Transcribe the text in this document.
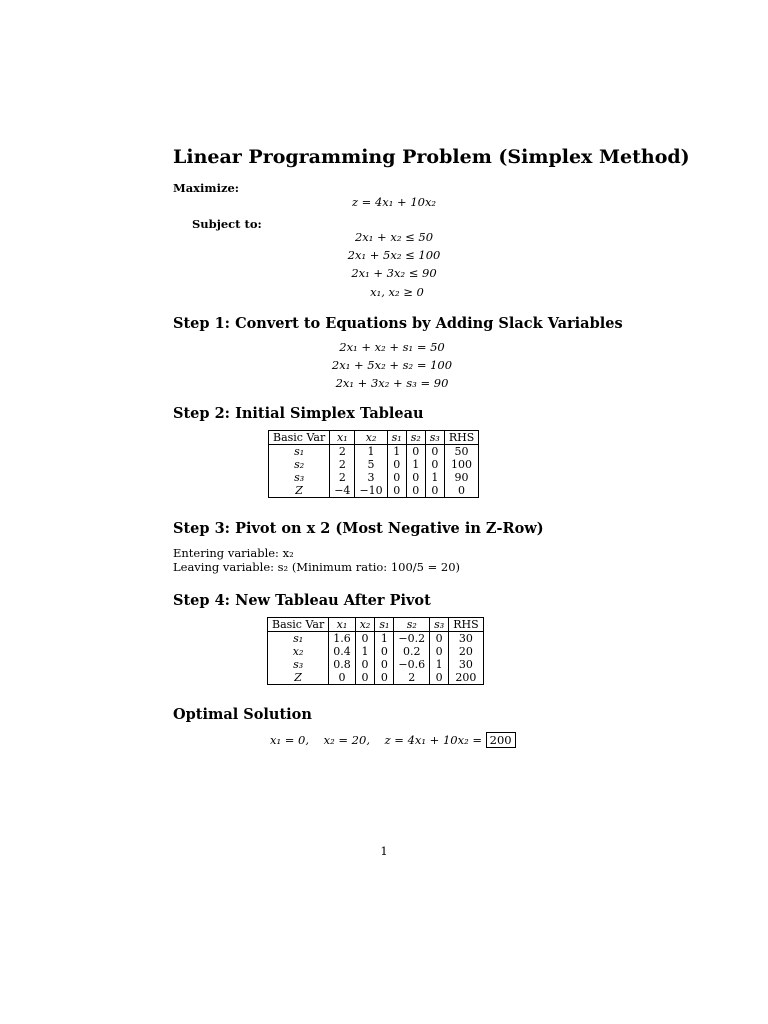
Linear Programming Problem (Simplex Method)
Maximize:
z = 4x₁ + 10x₂
Subject to:
2x₁ + x₂ ≤ 50
2x₁ + 5x₂ ≤ 100
2x₁ + 3x₂ ≤ 90
x₁, x₂ ≥ 0
Step 1: Convert to Equations by Adding Slack Variables
2x₁ + x₂ + s₁ = 50
2x₁ + 5x₂ + s₂ = 100
2x₁ + 3x₂ + s₃ = 90
Step 2: Initial Simplex Tableau
Basic Var	x₁	x₂	s₁	s₂	s₃	RHS
s₁	2	1	1	0	0	50
s₂	2	5	0	1	0	100
s₃	2	3	0	0	1	90
Z	−4	−10	0	0	0	0
Step 3: Pivot on x 2 (Most Negative in Z-Row)
Entering variable: x₂
Leaving variable: s₂ (Minimum ratio: 100/5 = 20)
Step 4: New Tableau After Pivot
Basic Var	x₁	x₂	s₁	s₂	s₃	RHS
s₁	1.6	0	1	−0.2	0	30
x₂	0.4	1	0	0.2	0	20
s₃	0.8	0	0	−0.6	1	30
Z	0	0	0	2	0	200
Optimal Solution
x₁ = 0,    x₂ = 20,    z = 4x₁ + 10x₂ = 200
1
